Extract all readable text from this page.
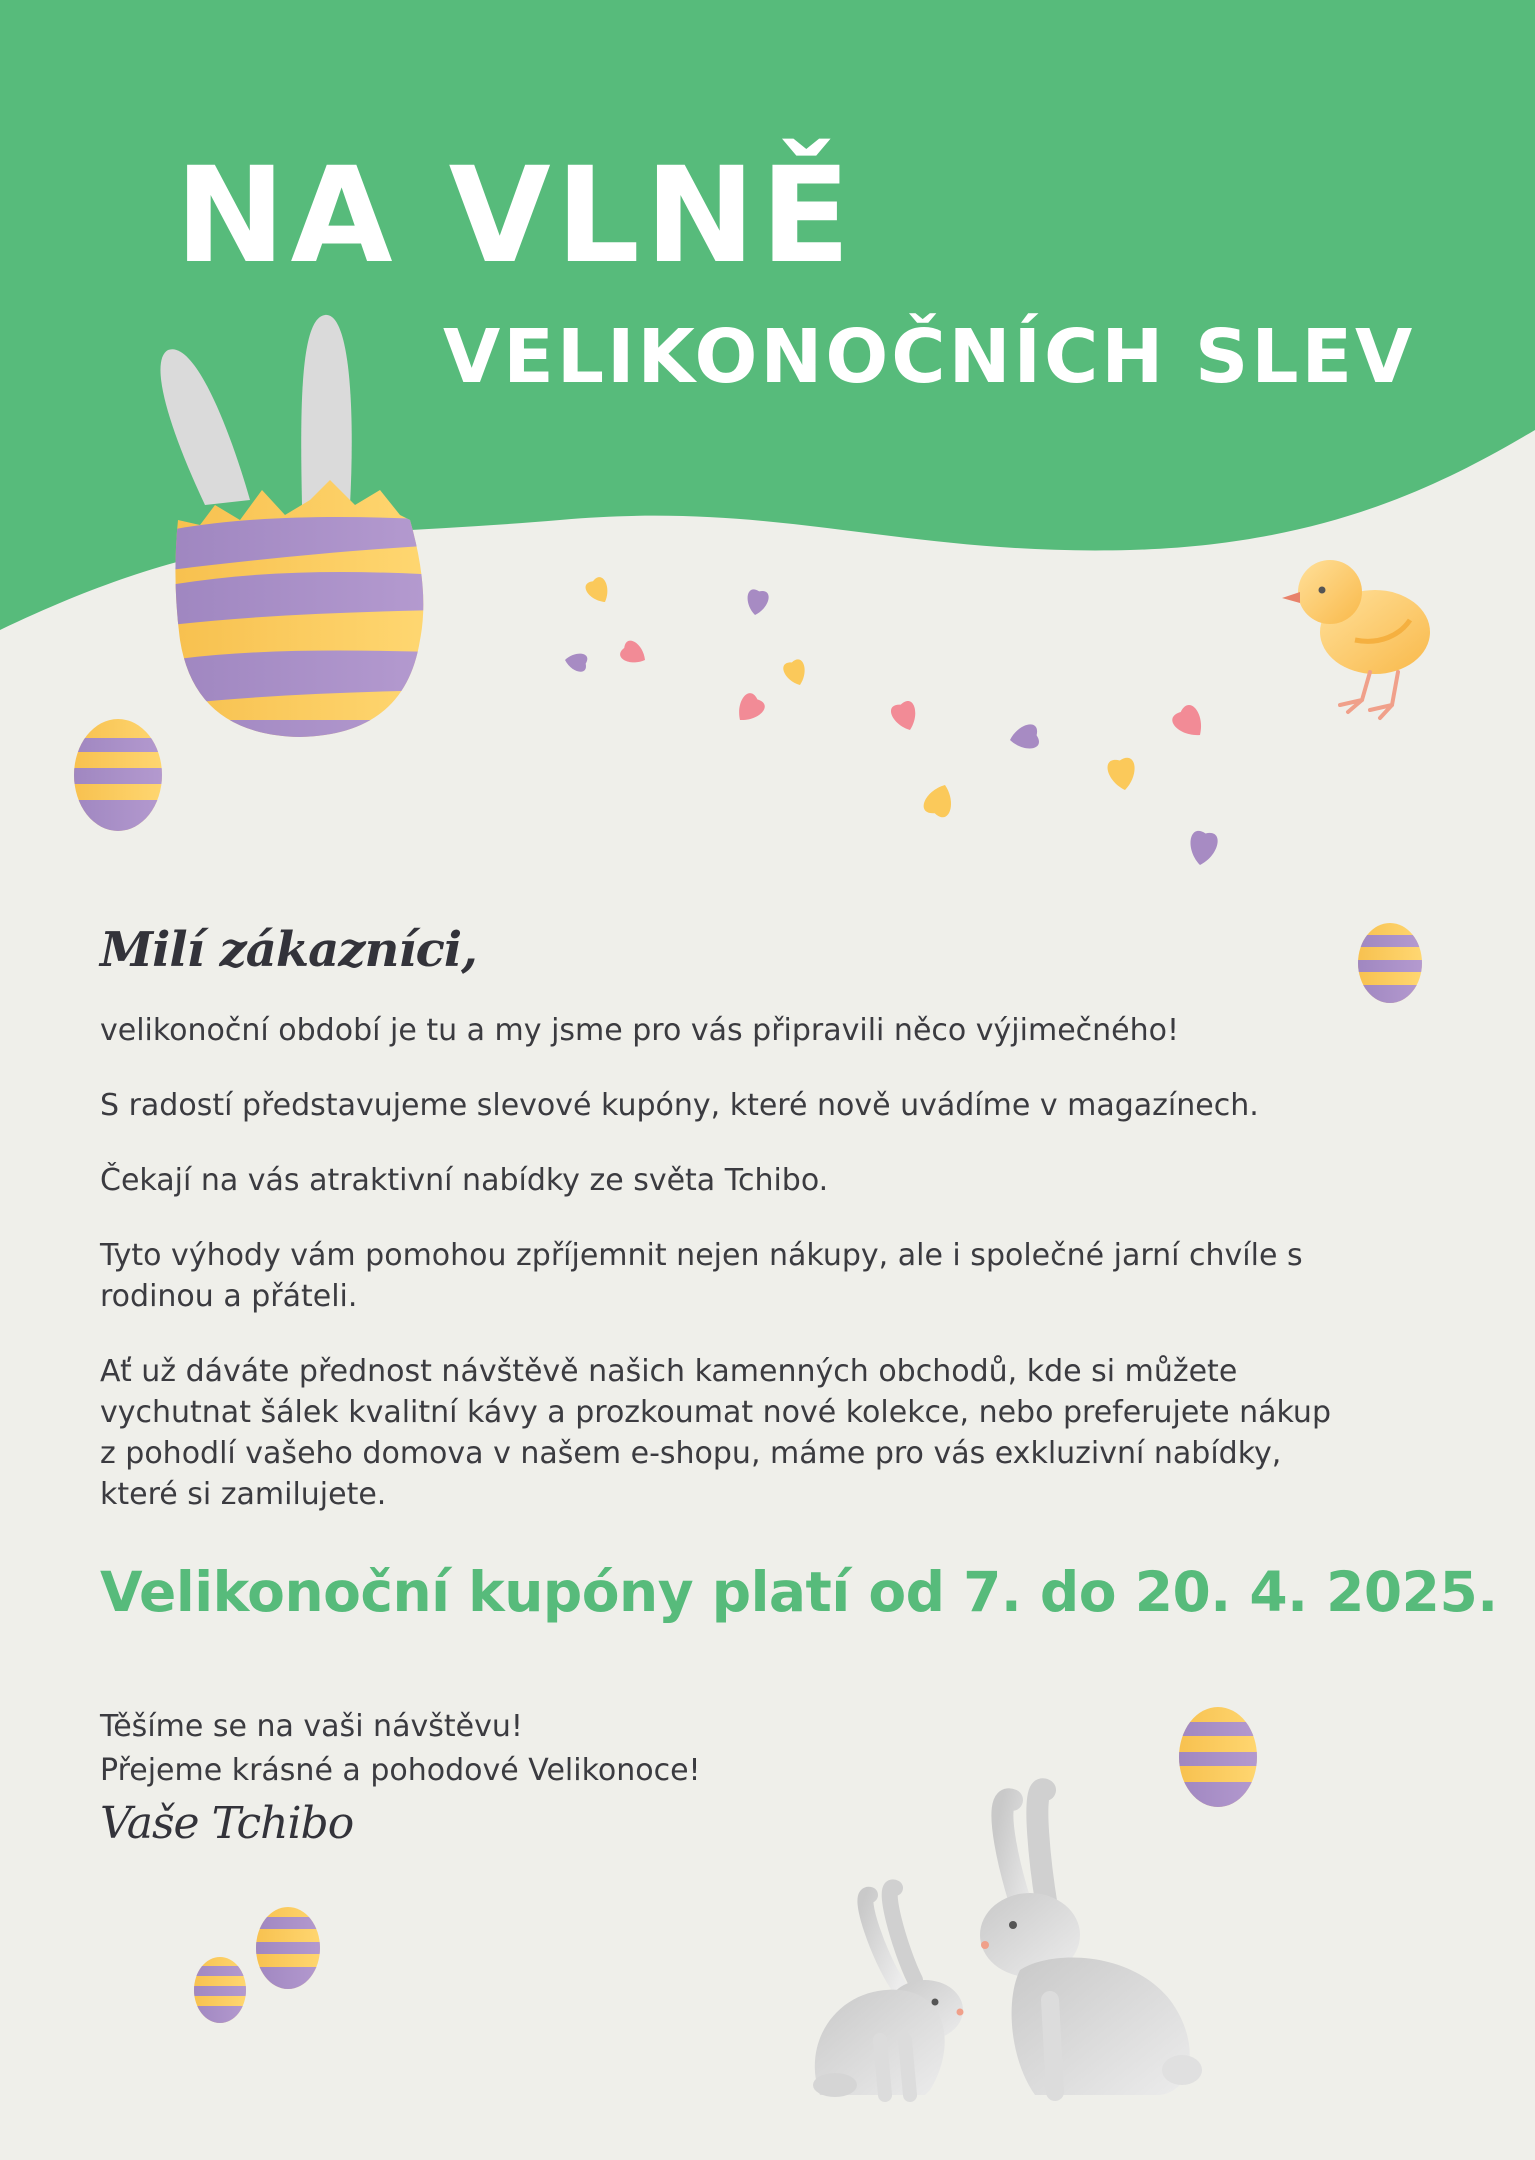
NA VLNĚ
VELIKONOČNÍCH SLEV
Milí zákazníci,

velikonoční období je tu a my jsme pro vás připravili něco výjimečného!

S radostí představujeme slevové kupóny, které nově uvádíme v magazínech.

Čekají na vás atraktivní nabídky ze světa Tchibo.

Tyto výhody vám pomohou zpříjemnit nejen nákupy, ale i společné jarní chvíle s rodinou a přáteli.

Ať už dáváte přednost návštěvě našich kamenných obchodů, kde si můžete vychutnat šálek kvalitní kávy a prozkoumat nové kolekce, nebo preferujete nákup z pohodlí vašeho domova v našem e-shopu, máme pro vás exkluzivní nabídky, které si zamilujete.

Velikonoční kupóny platí od 7. do 20. 4. 2025.
Těšíme se na vaši návštěvu!
Přejeme krásné a pohodové Velikonoce!
Vaše Tchibo
